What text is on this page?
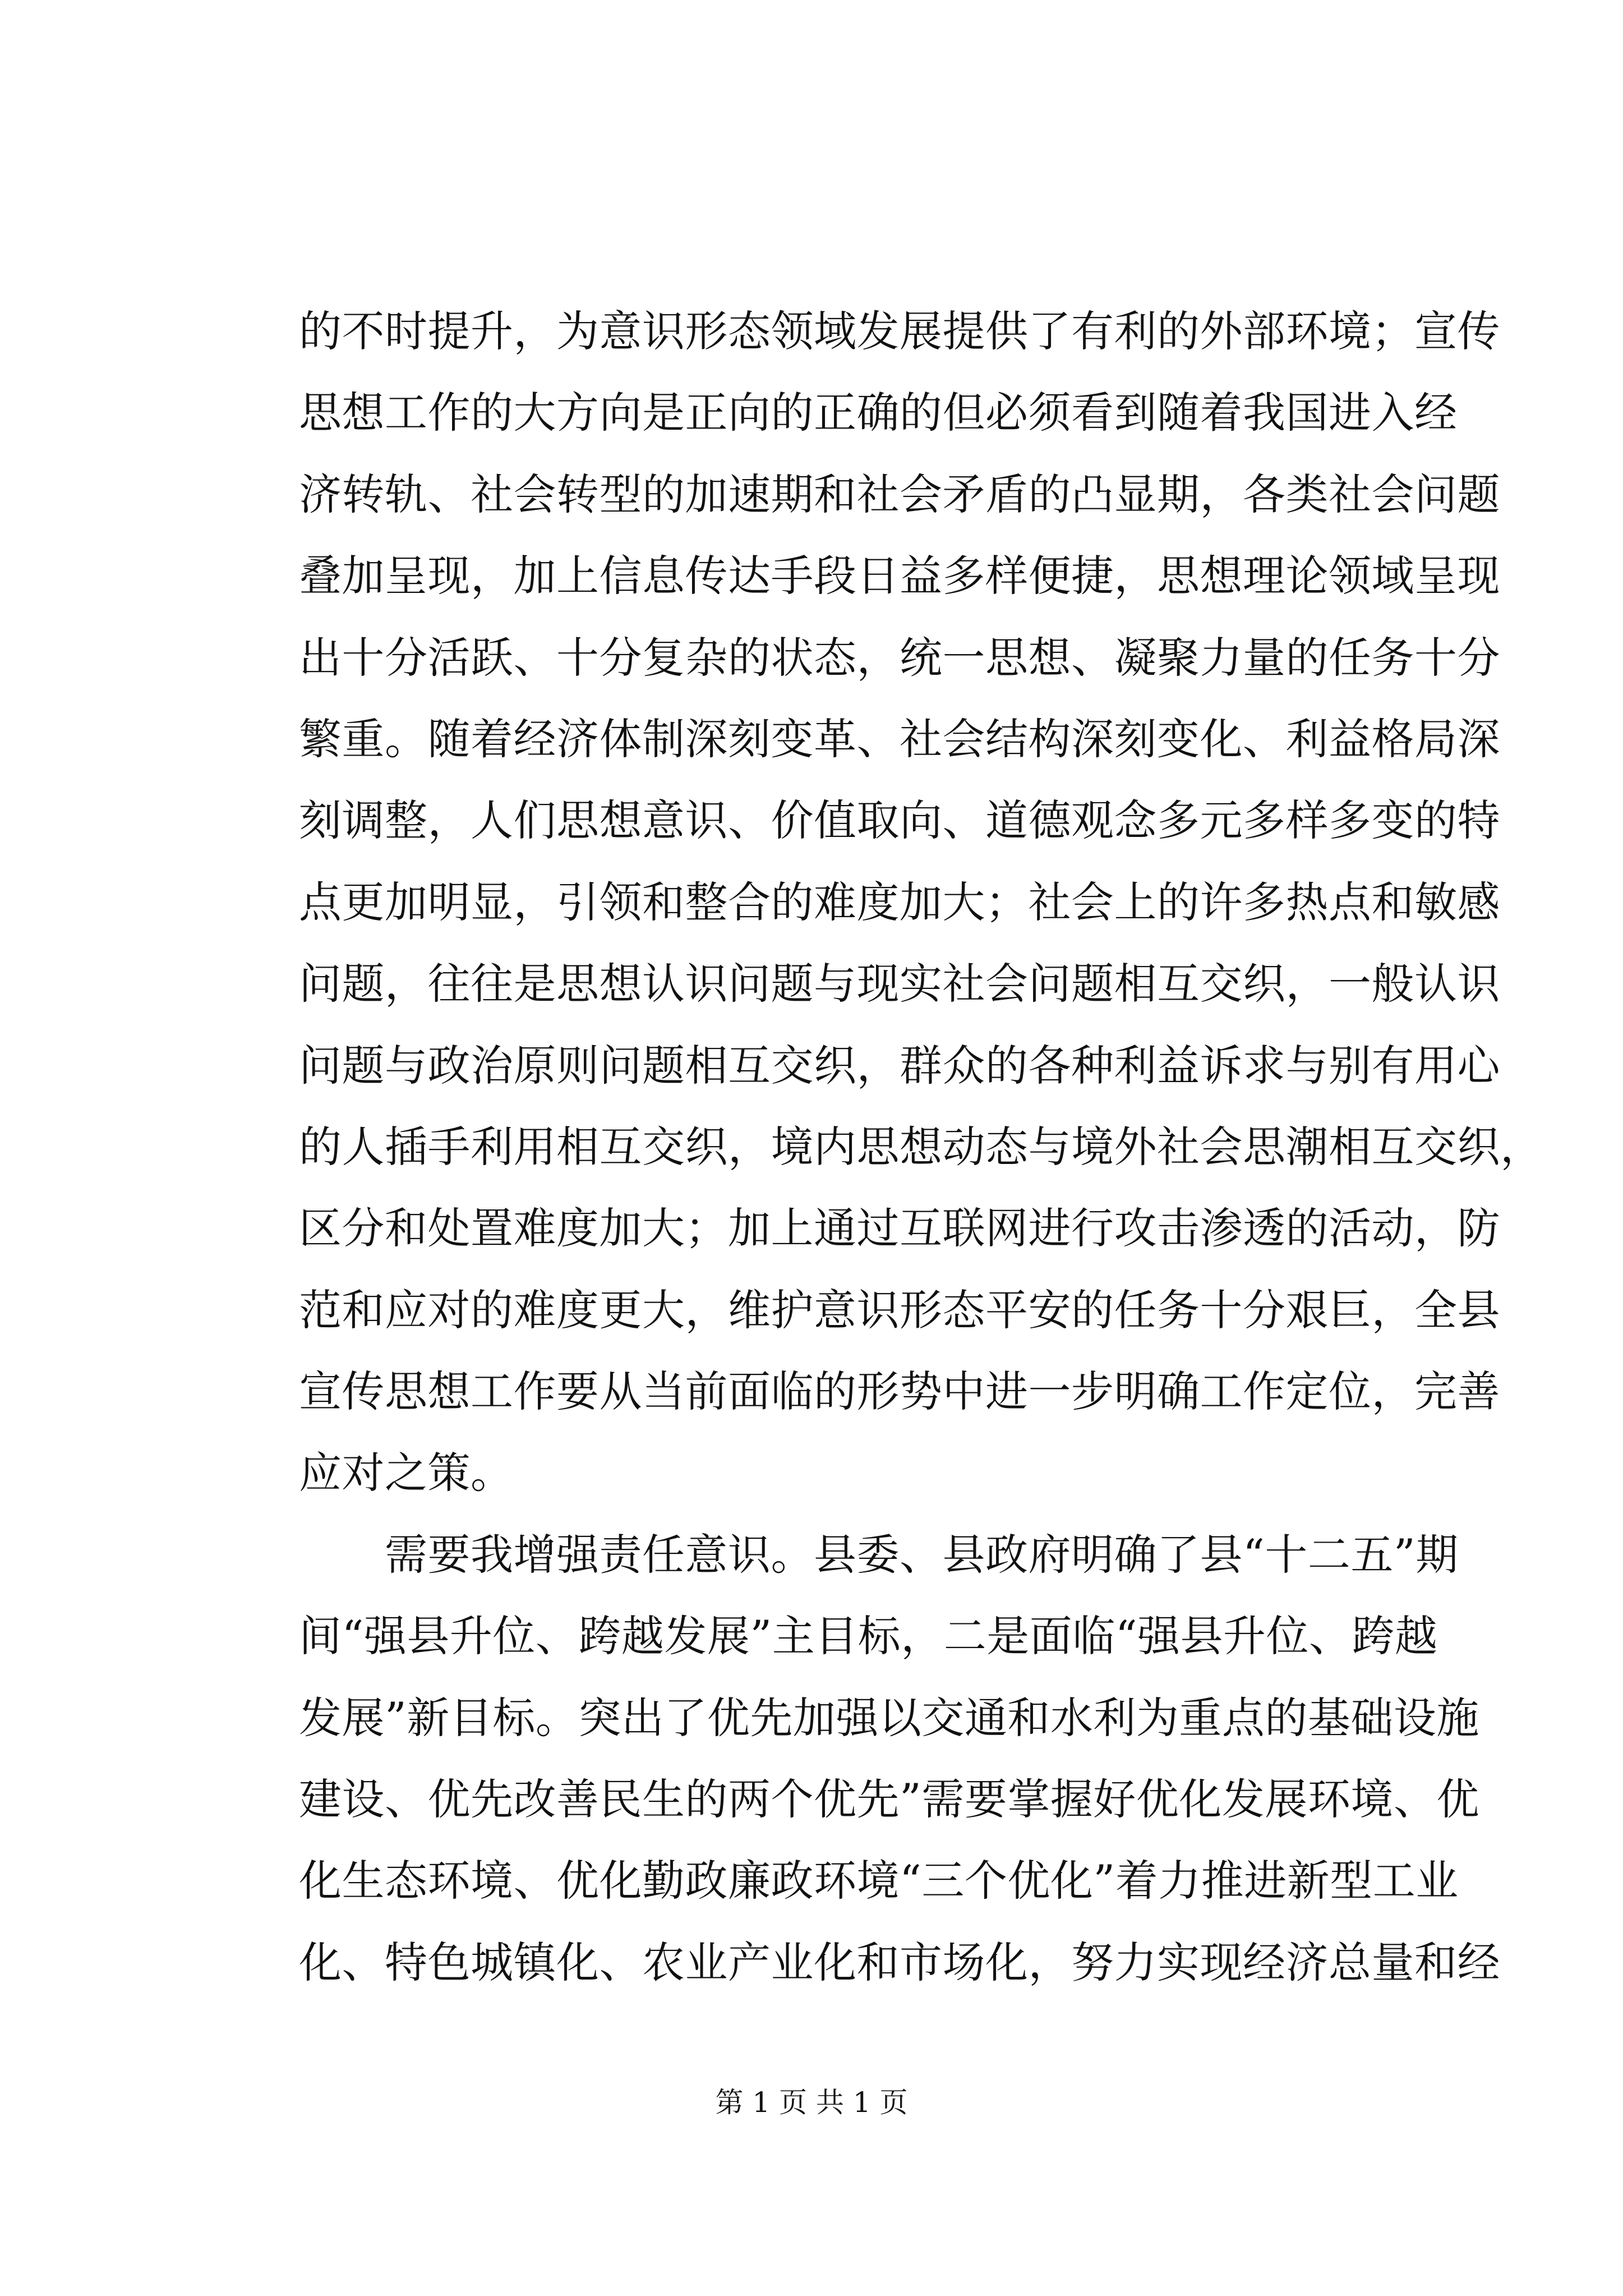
的不时提升，为意识形态领域发展提供了有利的外部环境；宣传
思想工作的大方向是正向的正确的但必须看到随着我国进入经
济转轨、社会转型的加速期和社会矛盾的凸显期，各类社会问题
叠加呈现，加上信息传达手段日益多样便捷，思想理论领域呈现
出十分活跃、十分复杂的状态，统一思想、凝聚力量的任务十分
繁重。随着经济体制深刻变革、社会结构深刻变化、利益格局深
刻调整，人们思想意识、价值取向、道德观念多元多样多变的特
点更加明显，引领和整合的难度加大；社会上的许多热点和敏感
问题，往往是思想认识问题与现实社会问题相互交织，一般认识
问题与政治原则问题相互交织，群众的各种利益诉求与别有用心
的人插手利用相互交织，境内思想动态与境外社会思潮相互交织，
区分和处置难度加大；加上通过互联网进行攻击渗透的活动，防
范和应对的难度更大，维护意识形态平安的任务十分艰巨，全县
宣传思想工作要从当前面临的形势中进一步明确工作定位，完善
应对之策。
　　需要我增强责任意识。县委、县政府明确了县“十二五”期
间“强县升位、跨越发展”主目标，二是面临“强县升位、跨越
发展”新目标。突出了优先加强以交通和水利为重点的基础设施
建设、优先改善民生的两个优先”需要掌握好优化发展环境、优
化生态环境、优化勤政廉政环境“三个优化”着力推进新型工业
化、特色城镇化、农业产业化和市场化，努力实现经济总量和经
第 1 页 共 1 页
